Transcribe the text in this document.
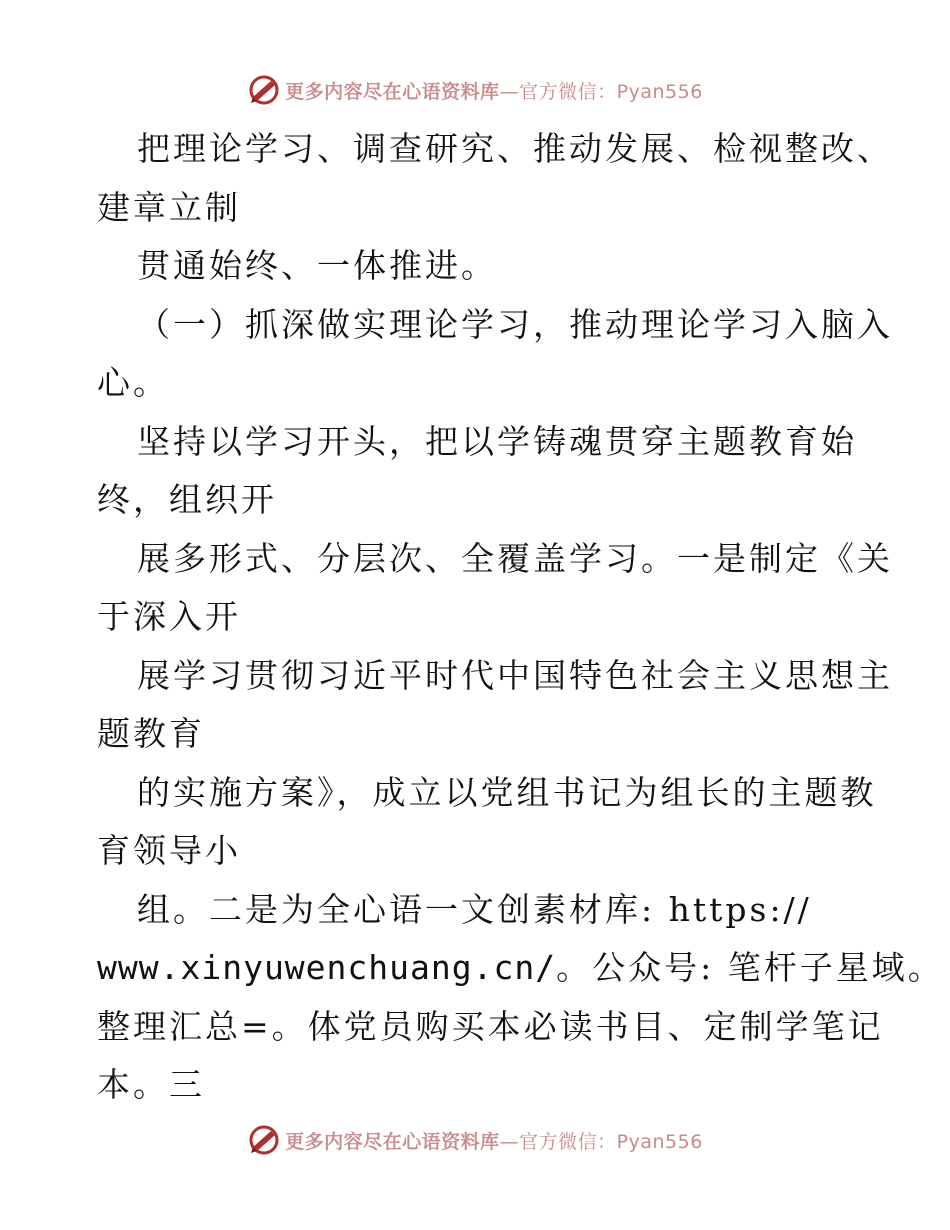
更多内容尽在心语资料库—官方微信：Pyan556
把理论学习、调查研究、推动发展、检视整改、
建章立制
贯通始终、一体推进。
（一）抓深做实理论学习，推动理论学习入脑入
心。
坚持以学习开头，把以学铸魂贯穿主题教育始
终，组织开
展多形式、分层次、全覆盖学习。一是制定《关
于深入开
展学习贯彻习近平时代中国特色社会主义思想主
题教育
的实施方案》，成立以党组书记为组长的主题教
育领导小
组。二是为全心语一文创素材库: https://
www.xinyuwenchuang.cn/。公众号: 笔杆子星域。
整理汇总=。体党员购买本必读书目、定制学笔记
本。三
更多内容尽在心语资料库—官方微信：Pyan556
